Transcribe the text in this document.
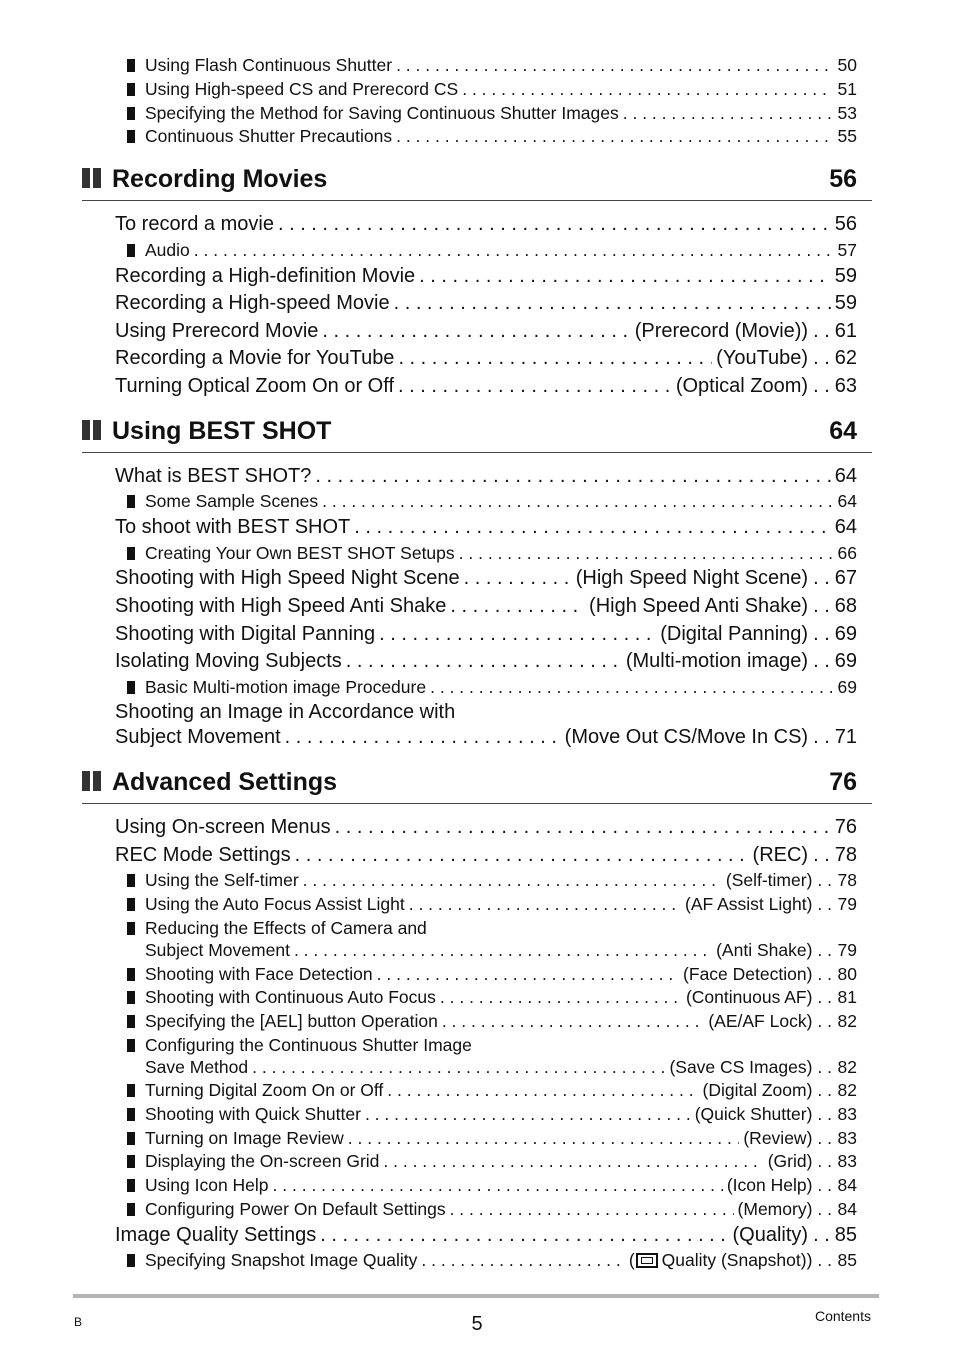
Using Flash Continuous Shutter . . .	50
Using High-speed CS and Prerecord CS . . .	51
Specifying the Method for Saving Continuous Shutter Images . . .	53
Continuous Shutter Precautions . . .	55
Recording Movies	56
To record a movie . . .	56
Audio . . .	57
Recording a High-definition Movie . . .	59
Recording a High-speed Movie . . .	59
Using Prerecord Movie . . .	(Prerecord (Movie)) . . 61
Recording a Movie for YouTube . . .	(YouTube) . . 62
Turning Optical Zoom On or Off . . .	(Optical Zoom) . . 63
Using BEST SHOT	64
What is BEST SHOT? . . .	64
Some Sample Scenes . . .	64
To shoot with BEST SHOT . . .	64
Creating Your Own BEST SHOT Setups . . .	66
Shooting with High Speed Night Scene . . .	(High Speed Night Scene) . . 67
Shooting with High Speed Anti Shake . . .	(High Speed Anti Shake) . . 68
Shooting with Digital Panning . . .	(Digital Panning) . . 69
Isolating Moving Subjects . . .	(Multi-motion image) . . 69
Basic Multi-motion image Procedure . . .	69
Shooting an Image in Accordance with
Subject Movement . . .	(Move Out CS/Move In CS) . . 71
Advanced Settings	76
Using On-screen Menus . . .	76
REC Mode Settings . . .	(REC) . . 78
Using the Self-timer . . .	(Self-timer) . . 78
Using the Auto Focus Assist Light . . .	(AF Assist Light) . . 79
Reducing the Effects of Camera and
Subject Movement . . .	(Anti Shake) . . 79
Shooting with Face Detection . . .	(Face Detection) . . 80
Shooting with Continuous Auto Focus . . .	(Continuous AF) . . 81
Specifying the [AEL] button Operation . . .	(AE/AF Lock) . . 82
Configuring the Continuous Shutter Image
Save Method . . .	(Save CS Images) . . 82
Turning Digital Zoom On or Off . . .	(Digital Zoom) . . 82
Shooting with Quick Shutter . . .	(Quick Shutter) . . 83
Turning on Image Review . . .	(Review) . . 83
Displaying the On-screen Grid . . .	(Grid) . . 83
Using Icon Help . . .	(Icon Help) . . 84
Configuring Power On Default Settings . . .	(Memory) . . 84
Image Quality Settings . . .	(Quality) . . 85
Specifying Snapshot Image Quality . . .	( Quality (Snapshot)) . . 85
B	5	Contents
